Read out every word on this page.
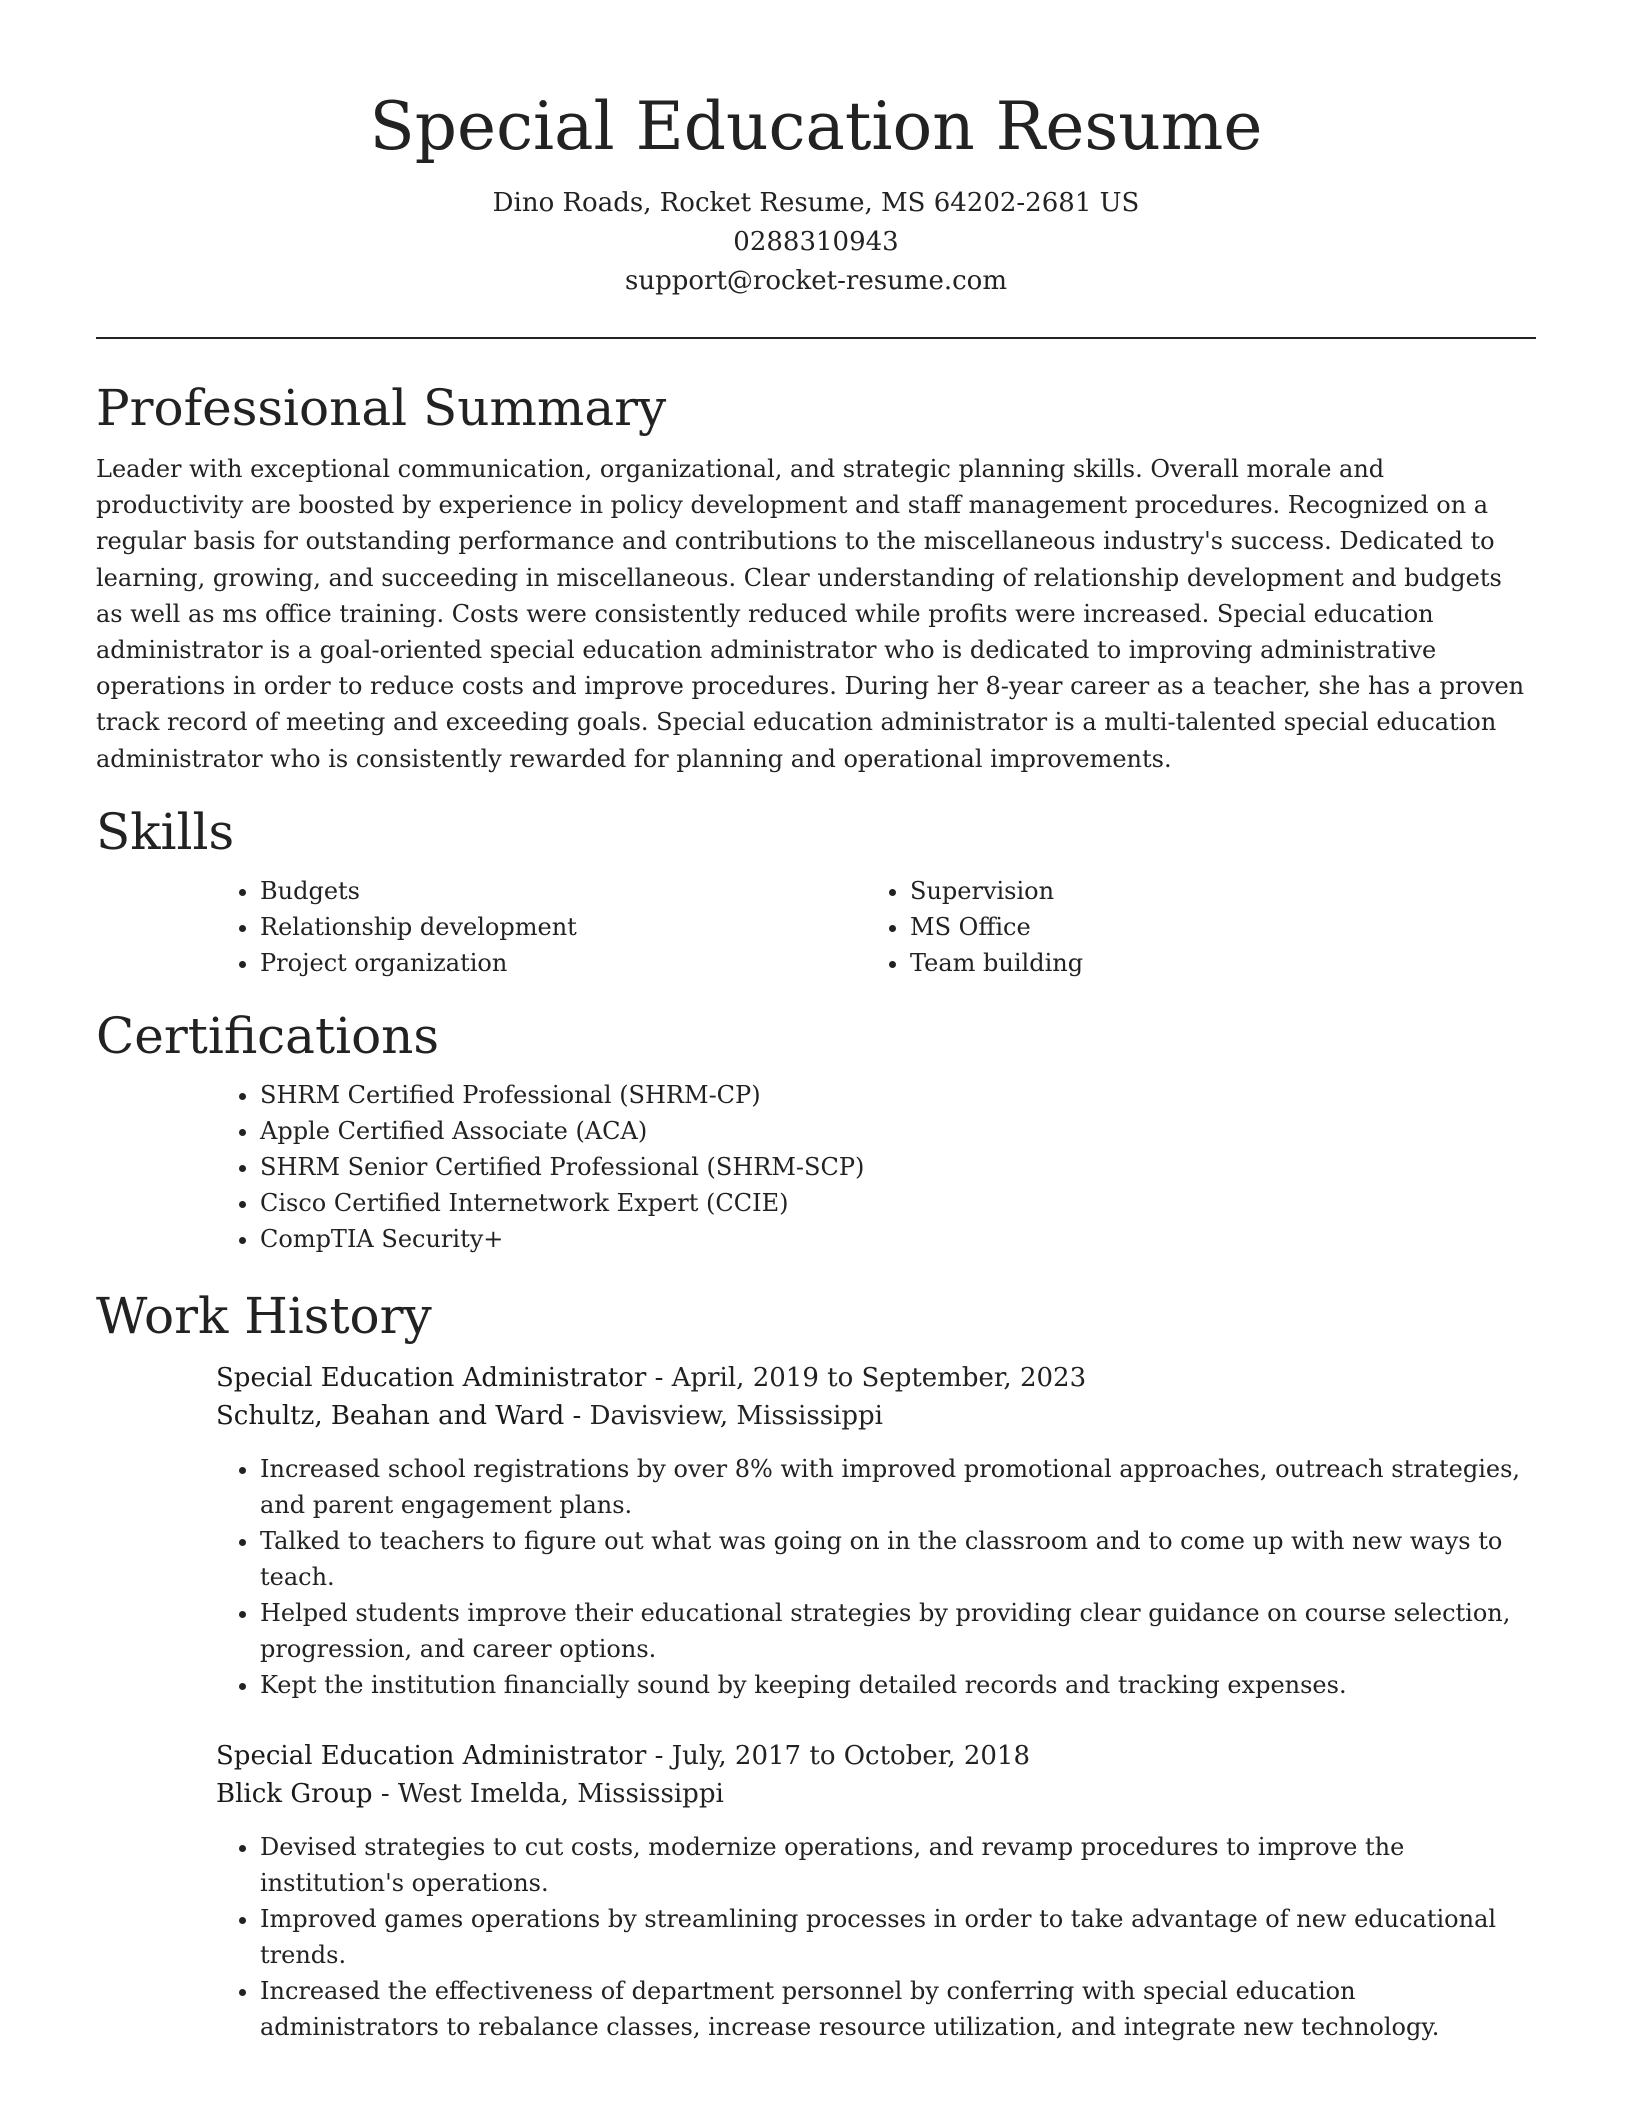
Special Education Resume

Dino Roads, Rocket Resume, MS 64202-2681 US

0288310943

support@rocket-resume.com

Professional Summary

Leader with exceptional communication, organizational, and strategic planning skills. Overall morale and productivity are boosted by experience in policy development and staff management procedures. Recognized on a regular basis for outstanding performance and contributions to the miscellaneous industry's success. Dedicated to learning, growing, and succeeding in miscellaneous. Clear understanding of relationship development and budgets as well as ms office training. Costs were consistently reduced while profits were increased. Special education administrator is a goal-oriented special education administrator who is dedicated to improving administrative operations in order to reduce costs and improve procedures. During her 8-year career as a teacher, she has a proven track record of meeting and exceeding goals. Special education administrator is a multi-talented special education administrator who is consistently rewarded for planning and operational improvements.

Skills
• Budgets
• Relationship development
• Project organization
• Supervision
• MS Office
• Team building
Certifications
• SHRM Certified Professional (SHRM-CP)
• Apple Certified Associate (ACA)
• SHRM Senior Certified Professional (SHRM-SCP)
• Cisco Certified Internetwork Expert (CCIE)
• CompTIA Security+
Work History

Special Education Administrator - April, 2019 to September, 2023

Schultz, Beahan and Ward - Davisview, Mississippi

• Increased school registrations by over 8% with improved promotional approaches, outreach strategies, and parent engagement plans.
• Talked to teachers to figure out what was going on in the classroom and to come up with new ways to teach.
• Helped students improve their educational strategies by providing clear guidance on course selection, progression, and career options.
• Kept the institution financially sound by keeping detailed records and tracking expenses.

Special Education Administrator - July, 2017 to October, 2018

Blick Group - West Imelda, Mississippi

• Devised strategies to cut costs, modernize operations, and revamp procedures to improve the institution's operations.
• Improved games operations by streamlining processes in order to take advantage of new educational trends.
• Increased the effectiveness of department personnel by conferring with special education administrators to rebalance classes, increase resource utilization, and integrate new technology.
